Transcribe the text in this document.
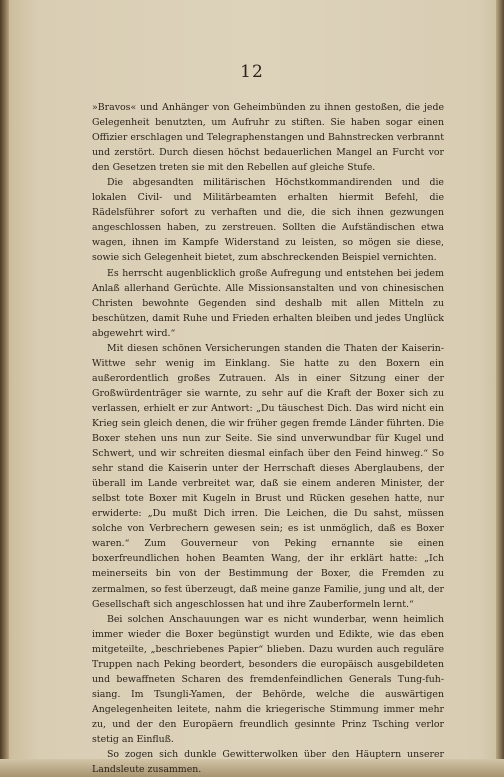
12

»Bravos« und Anhänger von Geheimbünden zu ihnen gestoßen, die jede Gelegenheit benutzten, um Aufruhr zu stiften. Sie haben sogar einen Offizier erschlagen und Telegraphenstangen und Bahnstrecken verbrannt und zerstört. Durch diesen höchst bedauerlichen Mangel an Furcht vor den Gesetzen treten sie mit den Rebellen auf gleiche Stufe.

Die abgesandten militärischen Höchstkommandirenden und die lokalen Civil- und Militärbeamten erhalten hiermit Befehl, die Rädelsführer sofort zu verhaften und die, die sich ihnen gezwungen angeschlossen haben, zu zerstreuen. Sollten die Aufständischen etwa wagen, ihnen im Kampfe Widerstand zu leisten, so mögen sie diese, sowie sich Gelegenheit bietet, zum abschreckenden Beispiel vernichten.

Es herrscht augenblicklich große Aufregung und entstehen bei jedem Anlaß allerhand Gerüchte. Alle Missionsanstalten und von chinesischen Christen bewohnte Gegenden sind deshalb mit allen Mitteln zu beschützen, damit Ruhe und Frieden erhalten bleiben und jedes Unglück abgewehrt wird.“

Mit diesen schönen Versicherungen standen die Thaten der Kaiserin-Wittwe sehr wenig im Einklang. Sie hatte zu den Boxern ein außerordentlich großes Zutrauen. Als in einer Sitzung einer der Großwürdenträger sie warnte, zu sehr auf die Kraft der Boxer sich zu verlassen, erhielt er zur Antwort: „Du täuschest Dich. Das wird nicht ein Krieg sein gleich denen, die wir früher gegen fremde Länder führten. Die Boxer stehen uns nun zur Seite. Sie sind unverwundbar für Kugel und Schwert, und wir schreiten diesmal einfach über den Feind hinweg.“ So sehr stand die Kaiserin unter der Herrschaft dieses Aberglaubens, der überall im Lande verbreitet war, daß sie einem anderen Minister, der selbst tote Boxer mit Kugeln in Brust und Rücken gesehen hatte, nur erwiderte: „Du mußt Dich irren. Die Leichen, die Du sahst, müssen solche von Verbrechern gewesen sein; es ist unmöglich, daß es Boxer waren.“ Zum Gouverneur von Peking ernannte sie einen boxerfreundlichen hohen Beamten Wang, der ihr erklärt hatte: „Ich meinerseits bin von der Bestimmung der Boxer, die Fremden zu zermalmen, so fest überzeugt, daß meine ganze Familie, jung und alt, der Gesellschaft sich angeschlossen hat und ihre Zauberformeln lernt.“

Bei solchen Anschauungen war es nicht wunderbar, wenn heimlich immer wieder die Boxer begünstigt wurden und Edikte, wie das eben mitgeteilte, „beschriebenes Papier“ blieben. Dazu wurden auch reguläre Truppen nach Peking beordert, besonders die europäisch ausgebildeten und bewaffneten Scharen des fremdenfeindlichen Generals Tung-fuh-siang. Im Tsungli-Yamen, der Behörde, welche die auswärtigen Angelegenheiten leitete, nahm die kriegerische Stimmung immer mehr zu, und der den Europäern freundlich gesinnte Prinz Tsching verlor stetig an Einfluß.

So zogen sich dunkle Gewitterwolken über den Häuptern unserer Landsleute zusammen.
